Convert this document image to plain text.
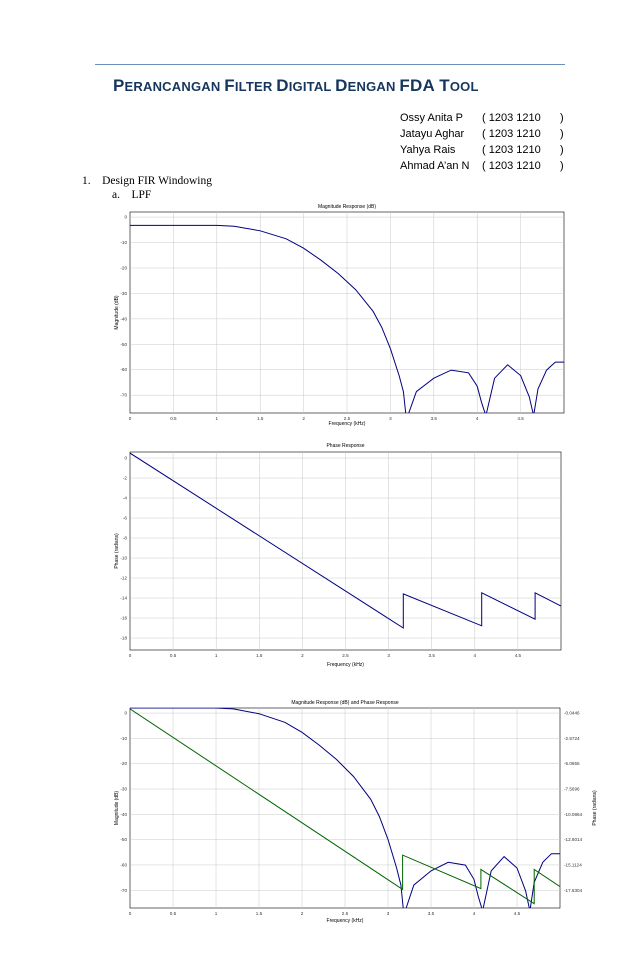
PERANCANGAN FILTER DIGITAL DENGAN FDA TOOL
Ossy Anita P	( 1203 1210	)
Jatayu Aghar	( 1203 1210	)
Yahya Rais	( 1203 1210	)
Ahmad A’an N	( 1203 1210	)
1. Design FIR Windowing
a. LPF
0	0.5	1	1.5	2	2.5	3	3.5	4	4.5
0
-10
-20
-30
-40
-50
-60
-70
Magnitude Response (dB)
Frequency (kHz)
Magnitude (dB)
0	0.5	1	1.5	2	2.5	3	3.5	4	4.5
0
-2
-4
-6
-8
-10
-12
-14
-16
-18
Phase Response
Frequency (kHz)
Phase (radians)
0	0.5	1	1.5	2	2.5	3	3.5	4	4.5
0	-0.0446
-10	-2.5724
-20	-5.0655
-30	-7.5696
-40	-10.0864
-50	-12.6014
-60	-15.1124
-70	-17.6304
Magnitude Response (dB) and Phase Response
Frequency (kHz)
Magnitude (dB)	Phase (radians)
